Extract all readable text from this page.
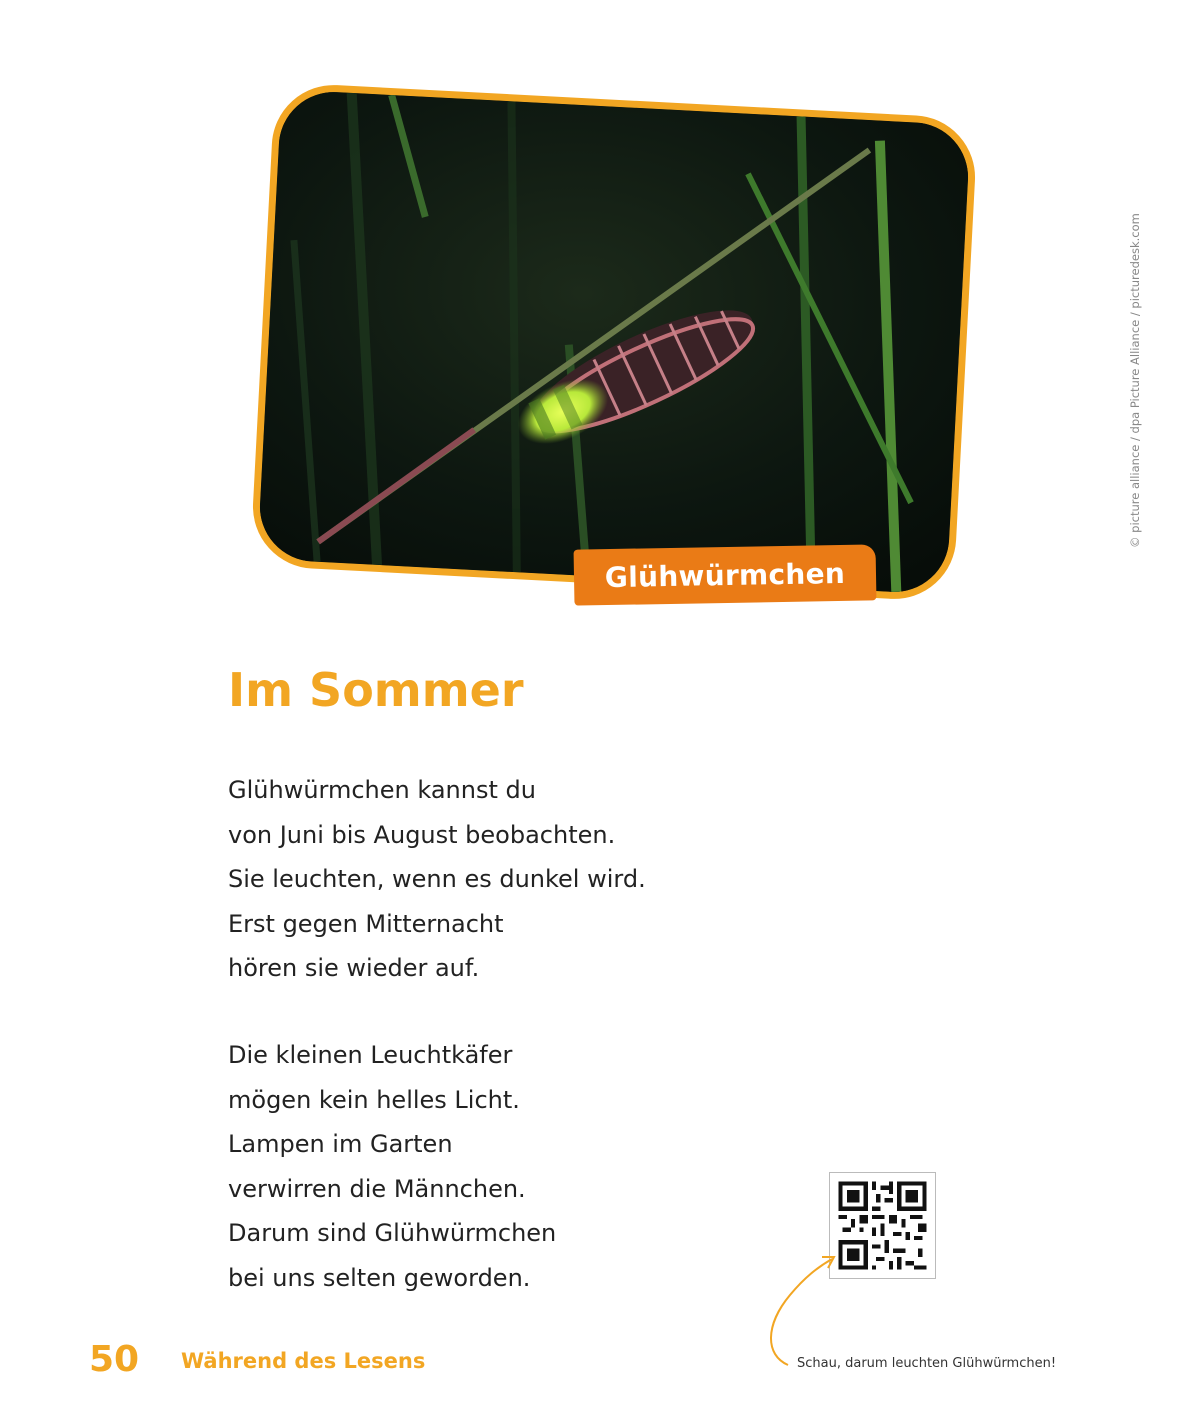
Glühwürmchen
© picture alliance / dpa Picture Alliance / picturedesk.com
Im Sommer
Glühwürmchen kannst du
von Juni bis August beobachten.
Sie leuchten, wenn es dunkel wird.
Erst gegen Mitternacht
hören sie wieder auf.
Die kleinen Leuchtkäfer
mögen kein helles Licht.
Lampen im Garten
verwirren die Männchen.
Darum sind Glühwürmchen
bei uns selten geworden.
Schau, darum leuchten Glühwürmchen!
50 Während des Lesens
